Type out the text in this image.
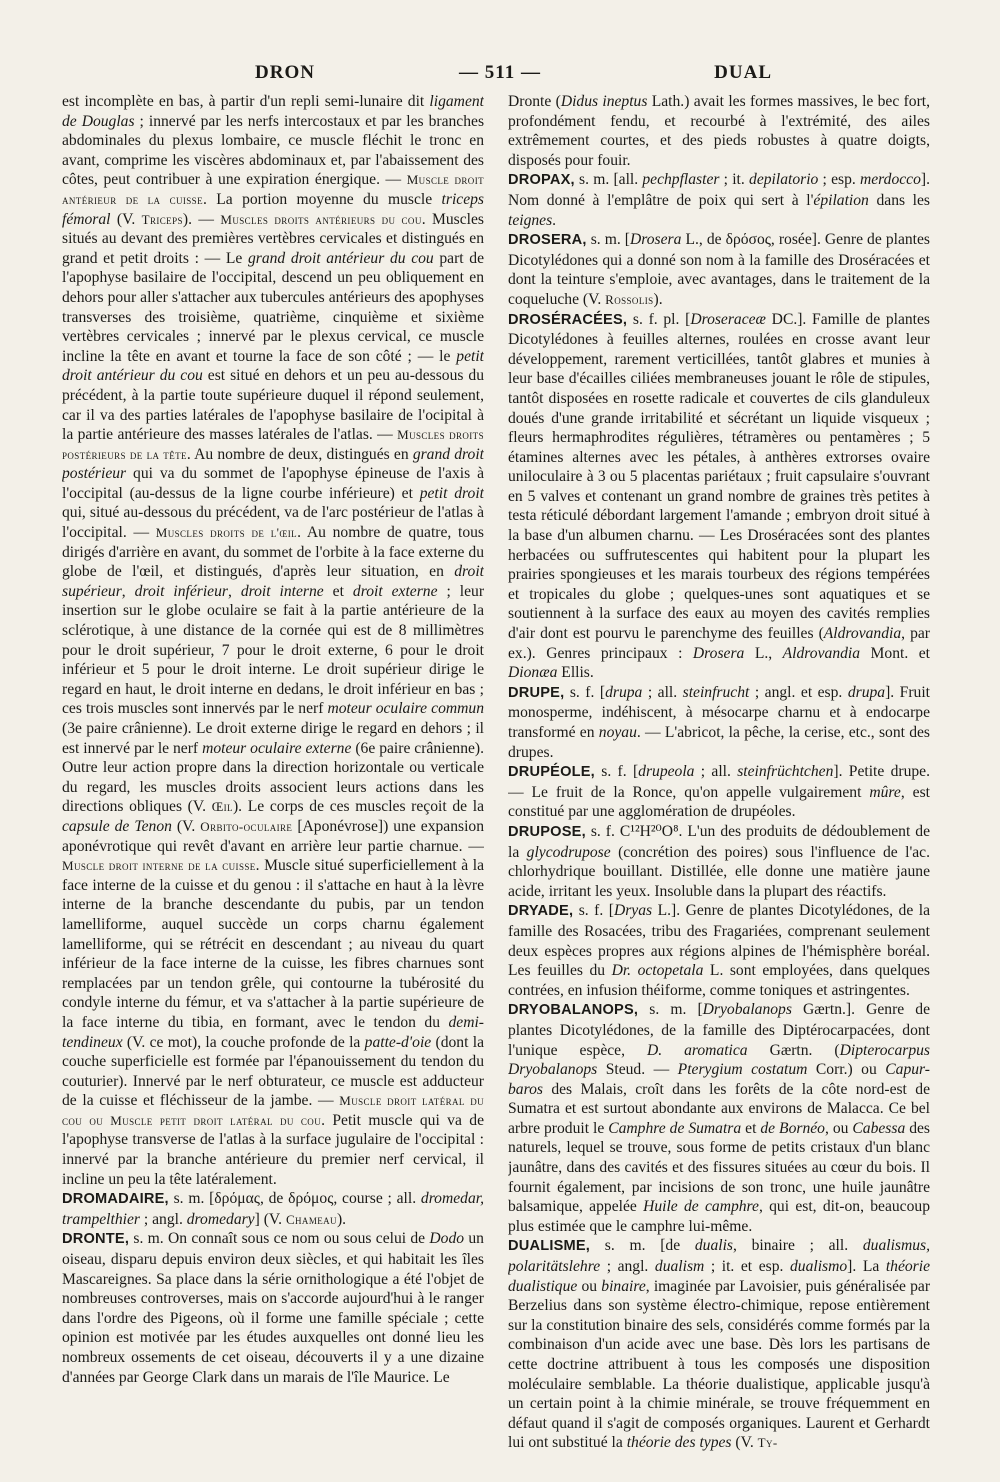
DRON	— 511 —	DUAL

est incomplète en bas, à partir d'un repli semi-lunaire dit ligament de Douglas ; innervé par les nerfs intercostaux et par les branches abdominales du plexus lombaire, ce muscle fléchit le tronc en avant, comprime les viscères abdominaux et, par l'abaissement des côtes, peut contribuer à une expiration énergique. — Muscle droit antérieur de la cuisse. La portion moyenne du muscle triceps fémoral (V. Triceps). — Muscles droits antérieurs du cou. Muscles situés au devant des premières vertèbres cervicales et distingués en grand et petit droits : — Le grand droit antérieur du cou part de l'apophyse basilaire de l'occipital, descend un peu obliquement en dehors pour aller s'attacher aux tubercules antérieurs des apophyses transverses des troisième, quatrième, cinquième et sixième vertèbres cervicales ; innervé par le plexus cervical, ce muscle incline la tête en avant et tourne la face de son côté ; — le petit droit antérieur du cou est situé en dehors et un peu au-dessous du précédent, à la partie toute supérieure duquel il répond seulement, car il va des parties latérales de l'apophyse basilaire de l'ocipital à la partie antérieure des masses latérales de l'atlas. — Muscles droits postérieurs de la tête. Au nombre de deux, distingués en grand droit postérieur qui va du sommet de l'apophyse épineuse de l'axis à l'occipital (au-dessus de la ligne courbe inférieure) et petit droit qui, situé au-dessous du précédent, va de l'arc postérieur de l'atlas à l'occipital. — Muscles droits de l'œil. Au nombre de quatre, tous dirigés d'arrière en avant, du sommet de l'orbite à la face externe du globe de l'œil, et distingués, d'après leur situation, en droit supérieur, droit inférieur, droit interne et droit externe ; leur insertion sur le globe oculaire se fait à la partie antérieure de la sclérotique, à une distance de la cornée qui est de 8 millimètres pour le droit supérieur, 7 pour le droit externe, 6 pour le droit inférieur et 5 pour le droit interne. Le droit supérieur dirige le regard en haut, le droit interne en dedans, le droit inférieur en bas ; ces trois muscles sont innervés par le nerf moteur oculaire commun (3e paire crânienne). Le droit externe dirige le regard en dehors ; il est innervé par le nerf moteur oculaire externe (6e paire crânienne). Outre leur action propre dans la direction horizontale ou verticale du regard, les muscles droits associent leurs actions dans les directions obliques (V. Œil). Le corps de ces muscles reçoit de la capsule de Tenon (V. Orbito-oculaire [Aponévrose]) une expansion aponévrotique qui revêt d'avant en arrière leur partie charnue. — Muscle droit interne de la cuisse. Muscle situé superficiellement à la face interne de la cuisse et du genou : il s'attache en haut à la lèvre interne de la branche descendante du pubis, par un tendon lamelliforme, auquel succède un corps charnu également lamelliforme, qui se rétrécit en descendant ; au niveau du quart inférieur de la face interne de la cuisse, les fibres charnues sont remplacées par un tendon grêle, qui contourne la tubérosité du condyle interne du fémur, et va s'attacher à la partie supérieure de la face interne du tibia, en formant, avec le tendon du demi-tendineux (V. ce mot), la couche profonde de la patte-d'oie (dont la couche superficielle est formée par l'épanouissement du tendon du couturier). Innervé par le nerf obturateur, ce muscle est adducteur de la cuisse et fléchisseur de la jambe. — Muscle droit latéral du cou ou Muscle petit droit latéral du cou. Petit muscle qui va de l'apophyse transverse de l'atlas à la surface jugulaire de l'occipital : innervé par la branche antérieure du premier nerf cervical, il incline un peu la tête latéralement.

DROMADAIRE, s. m. [δρόμας, de δρόμος, course ; all. dromedar, trampelthier ; angl. dromedary] (V. Chameau).

DRONTE, s. m. On connaît sous ce nom ou sous celui de Dodo un oiseau, disparu depuis environ deux siècles, et qui habitait les îles Mascareignes. Sa place dans la série ornithologique a été l'objet de nombreuses controverses, mais on s'accorde aujourd'hui à le ranger dans l'ordre des Pigeons, où il forme une famille spéciale ; cette opinion est motivée par les études auxquelles ont donné lieu les nombreux ossements de cet oiseau, découverts il y a une dizaine d'années par George Clark dans un marais de l'île Maurice. Le

Dronte (Didus ineptus Lath.) avait les formes massives, le bec fort, profondément fendu, et recourbé à l'extrémité, des ailes extrêmement courtes, et des pieds robustes à quatre doigts, disposés pour fouir.

DROPAX, s. m. [all. pechpflaster ; it. depilatorio ; esp. merdocco]. Nom donné à l'emplâtre de poix qui sert à l'épilation dans les teignes.

DROSERA, s. m. [Drosera L., de δρόσος, rosée]. Genre de plantes Dicotylédones qui a donné son nom à la famille des Droséracées et dont la teinture s'emploie, avec avantages, dans le traitement de la coqueluche (V. Rossolis).

DROSÉRACÉES, s. f. pl. [Droseraceæ DC.]. Famille de plantes Dicotylédones à feuilles alternes, roulées en crosse avant leur développement, rarement verticillées, tantôt glabres et munies à leur base d'écailles ciliées membraneuses jouant le rôle de stipules, tantôt disposées en rosette radicale et couvertes de cils glanduleux doués d'une grande irritabilité et sécrétant un liquide visqueux ; fleurs hermaphrodites régulières, tétramères ou pentamères ; 5 étamines alternes avec les pétales, à anthères extrorses ovaire uniloculaire à 3 ou 5 placentas pariétaux ; fruit capsulaire s'ouvrant en 5 valves et contenant un grand nombre de graines très petites à testa réticulé débordant largement l'amande ; embryon droit situé à la base d'un albumen charnu. — Les Droséracées sont des plantes herbacées ou suffrutescentes qui habitent pour la plupart les prairies spongieuses et les marais tourbeux des régions tempérées et tropicales du globe ; quelques-unes sont aquatiques et se soutiennent à la surface des eaux au moyen des cavités remplies d'air dont est pourvu le parenchyme des feuilles (Aldrovandia, par ex.). Genres principaux : Drosera L., Aldrovandia Mont. et Dionæa Ellis.

DRUPE, s. f. [drupa ; all. steinfrucht ; angl. et esp. drupa]. Fruit monosperme, indéhiscent, à mésocarpe charnu et à endocarpe transformé en noyau. — L'abricot, la pêche, la cerise, etc., sont des drupes.

DRUPÉOLE, s. f. [drupeola ; all. steinfrüchtchen]. Petite drupe. — Le fruit de la Ronce, qu'on appelle vulgairement mûre, est constitué par une agglomération de drupéoles.

DRUPOSE, s. f. C¹²H²⁰O⁸. L'un des produits de dédoublement de la glycodrupose (concrétion des poires) sous l'influence de l'ac. chlorhydrique bouillant. Distillée, elle donne une matière jaune acide, irritant les yeux. Insoluble dans la plupart des réactifs.

DRYADE, s. f. [Dryas L.]. Genre de plantes Dicotylédones, de la famille des Rosacées, tribu des Fragariées, comprenant seulement deux espèces propres aux régions alpines de l'hémisphère boréal. Les feuilles du Dr. octopetala L. sont employées, dans quelques contrées, en infusion théiforme, comme toniques et astringentes.

DRYOBALANOPS, s. m. [Dryobalanops Gærtn.]. Genre de plantes Dicotylédones, de la famille des Diptérocarpacées, dont l'unique espèce, D. aromatica Gærtn. (Dipterocarpus Dryobalanops Steud. — Pterygium costatum Corr.) ou Capur-baros des Malais, croît dans les forêts de la côte nord-est de Sumatra et est surtout abondante aux environs de Malacca. Ce bel arbre produit le Camphre de Sumatra et de Bornéo, ou Cabessa des naturels, lequel se trouve, sous forme de petits cristaux d'un blanc jaunâtre, dans des cavités et des fissures situées au cœur du bois. Il fournit également, par incisions de son tronc, une huile jaunâtre balsamique, appelée Huile de camphre, qui est, dit-on, beaucoup plus estimée que le camphre lui-même.

DUALISME, s. m. [de dualis, binaire ; all. dualismus, polaritätslehre ; angl. dualism ; it. et esp. dualismo]. La théorie dualistique ou binaire, imaginée par Lavoisier, puis généralisée par Berzelius dans son système électro-chimique, repose entièrement sur la constitution binaire des sels, considérés comme formés par la combinaison d'un acide avec une base. Dès lors les partisans de cette doctrine attribuent à tous les composés une disposition moléculaire semblable. La théorie dualistique, applicable jusqu'à un certain point à la chimie minérale, se trouve fréquemment en défaut quand il s'agit de composés organiques. Laurent et Gerhardt lui ont substitué la théorie des types (V. Ty-
